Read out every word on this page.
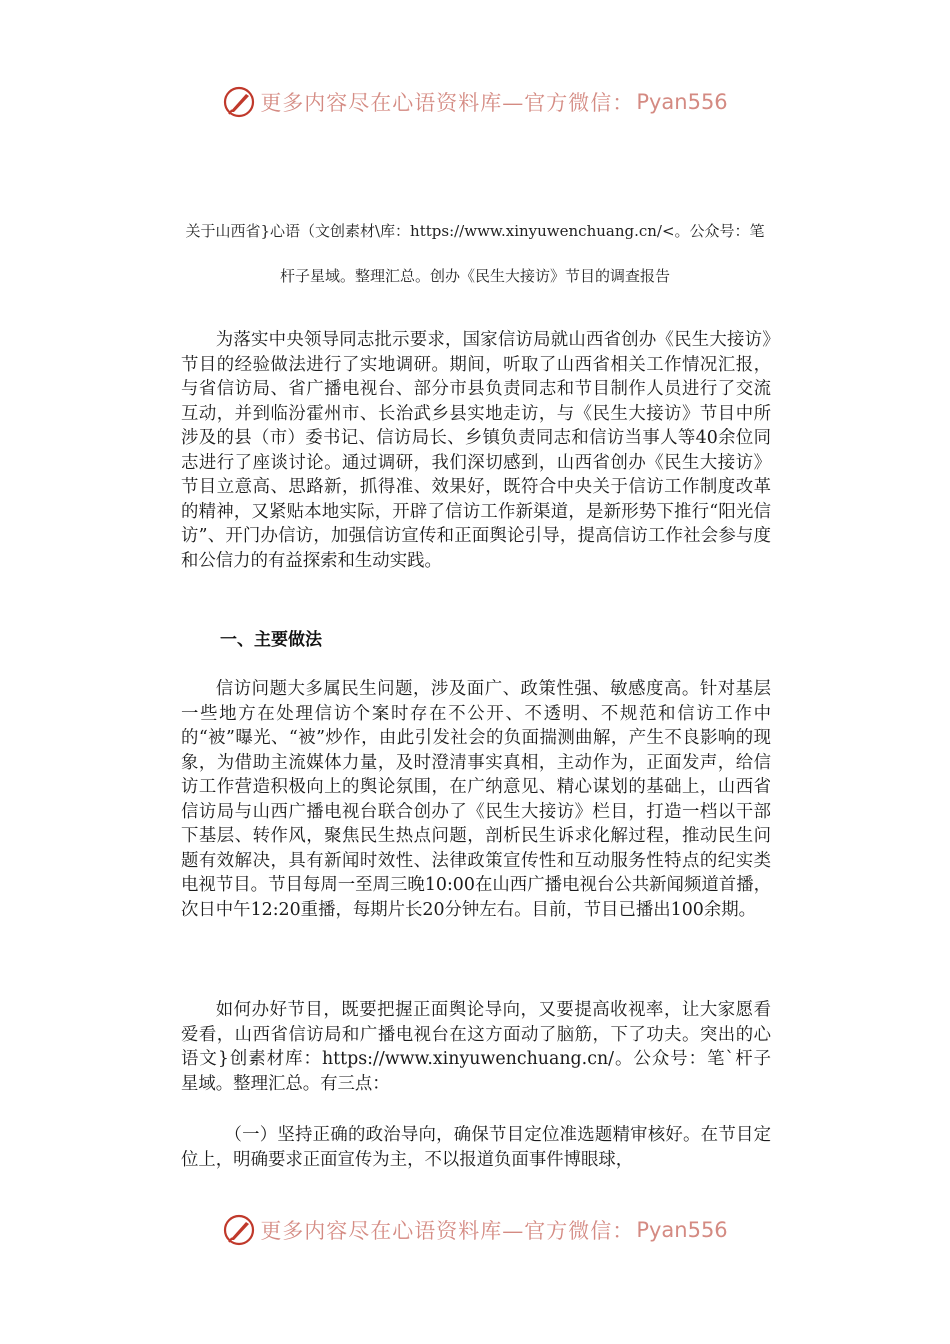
更多内容尽在心语资料库—官方微信： Pyan556
关于山西省}心语（文创素材\库：https://www.xinyuwenchuang.cn/<。公众号：笔
杆子星域。整理汇总。创办《民生大接访》节目的调查报告
为落实中央领导同志批示要求，国家信访局就山西省创办《民生大接访》节目的经验做法进行了实地调研。期间，听取了山西省相关工作情况汇报，与省信访局、省广播电视台、部分市县负责同志和节目制作人员进行了交流互动，并到临汾霍州市、长治武乡县实地走访，与《民生大接访》节目中所涉及的县（市）委书记、信访局长、乡镇负责同志和信访当事人等40余位同志进行了座谈讨论。通过调研，我们深切感到，山西省创办《民生大接访》节目立意高、思路新，抓得准、效果好，既符合中央关于信访工作制度改革的精神，又紧贴本地实际，开辟了信访工作新渠道，是新形势下推行“阳光信访”、开门办信访，加强信访宣传和正面舆论引导，提高信访工作社会参与度和公信力的有益探索和生动实践。
一、主要做法
信访问题大多属民生问题，涉及面广、政策性强、敏感度高。针对基层一些地方在处理信访个案时存在不公开、不透明、不规范和信访工作中的“被”曝光、“被”炒作，由此引发社会的负面揣测曲解，产生不良影响的现象，为借助主流媒体力量，及时澄清事实真相，主动作为，正面发声，给信访工作营造积极向上的舆论氛围，在广纳意见、精心谋划的基础上，山西省信访局与山西广播电视台联合创办了《民生大接访》栏目，打造一档以干部下基层、转作风，聚焦民生热点问题，剖析民生诉求化解过程，推动民生问题有效解决，具有新闻时效性、法律政策宣传性和互动服务性特点的纪实类电视节目。节目每周一至周三晚10:00在山西广播电视台公共新闻频道首播，次日中午12:20重播，每期片长20分钟左右。目前，节目已播出100余期。
如何办好节目，既要把握正面舆论导向，又要提高收视率，让大家愿看爱看，山西省信访局和广播电视台在这方面动了脑筋，下了功夫。突出的心语文}创素材库：https://www.xinyuwenchuang.cn/。公众号：笔`杆子星域。整理汇总。有三点：
（一）坚持正确的政治导向，确保节目定位准选题精审核好。在节目定位上，明确要求正面宣传为主，不以报道负面事件博眼球，
更多内容尽在心语资料库—官方微信： Pyan556
